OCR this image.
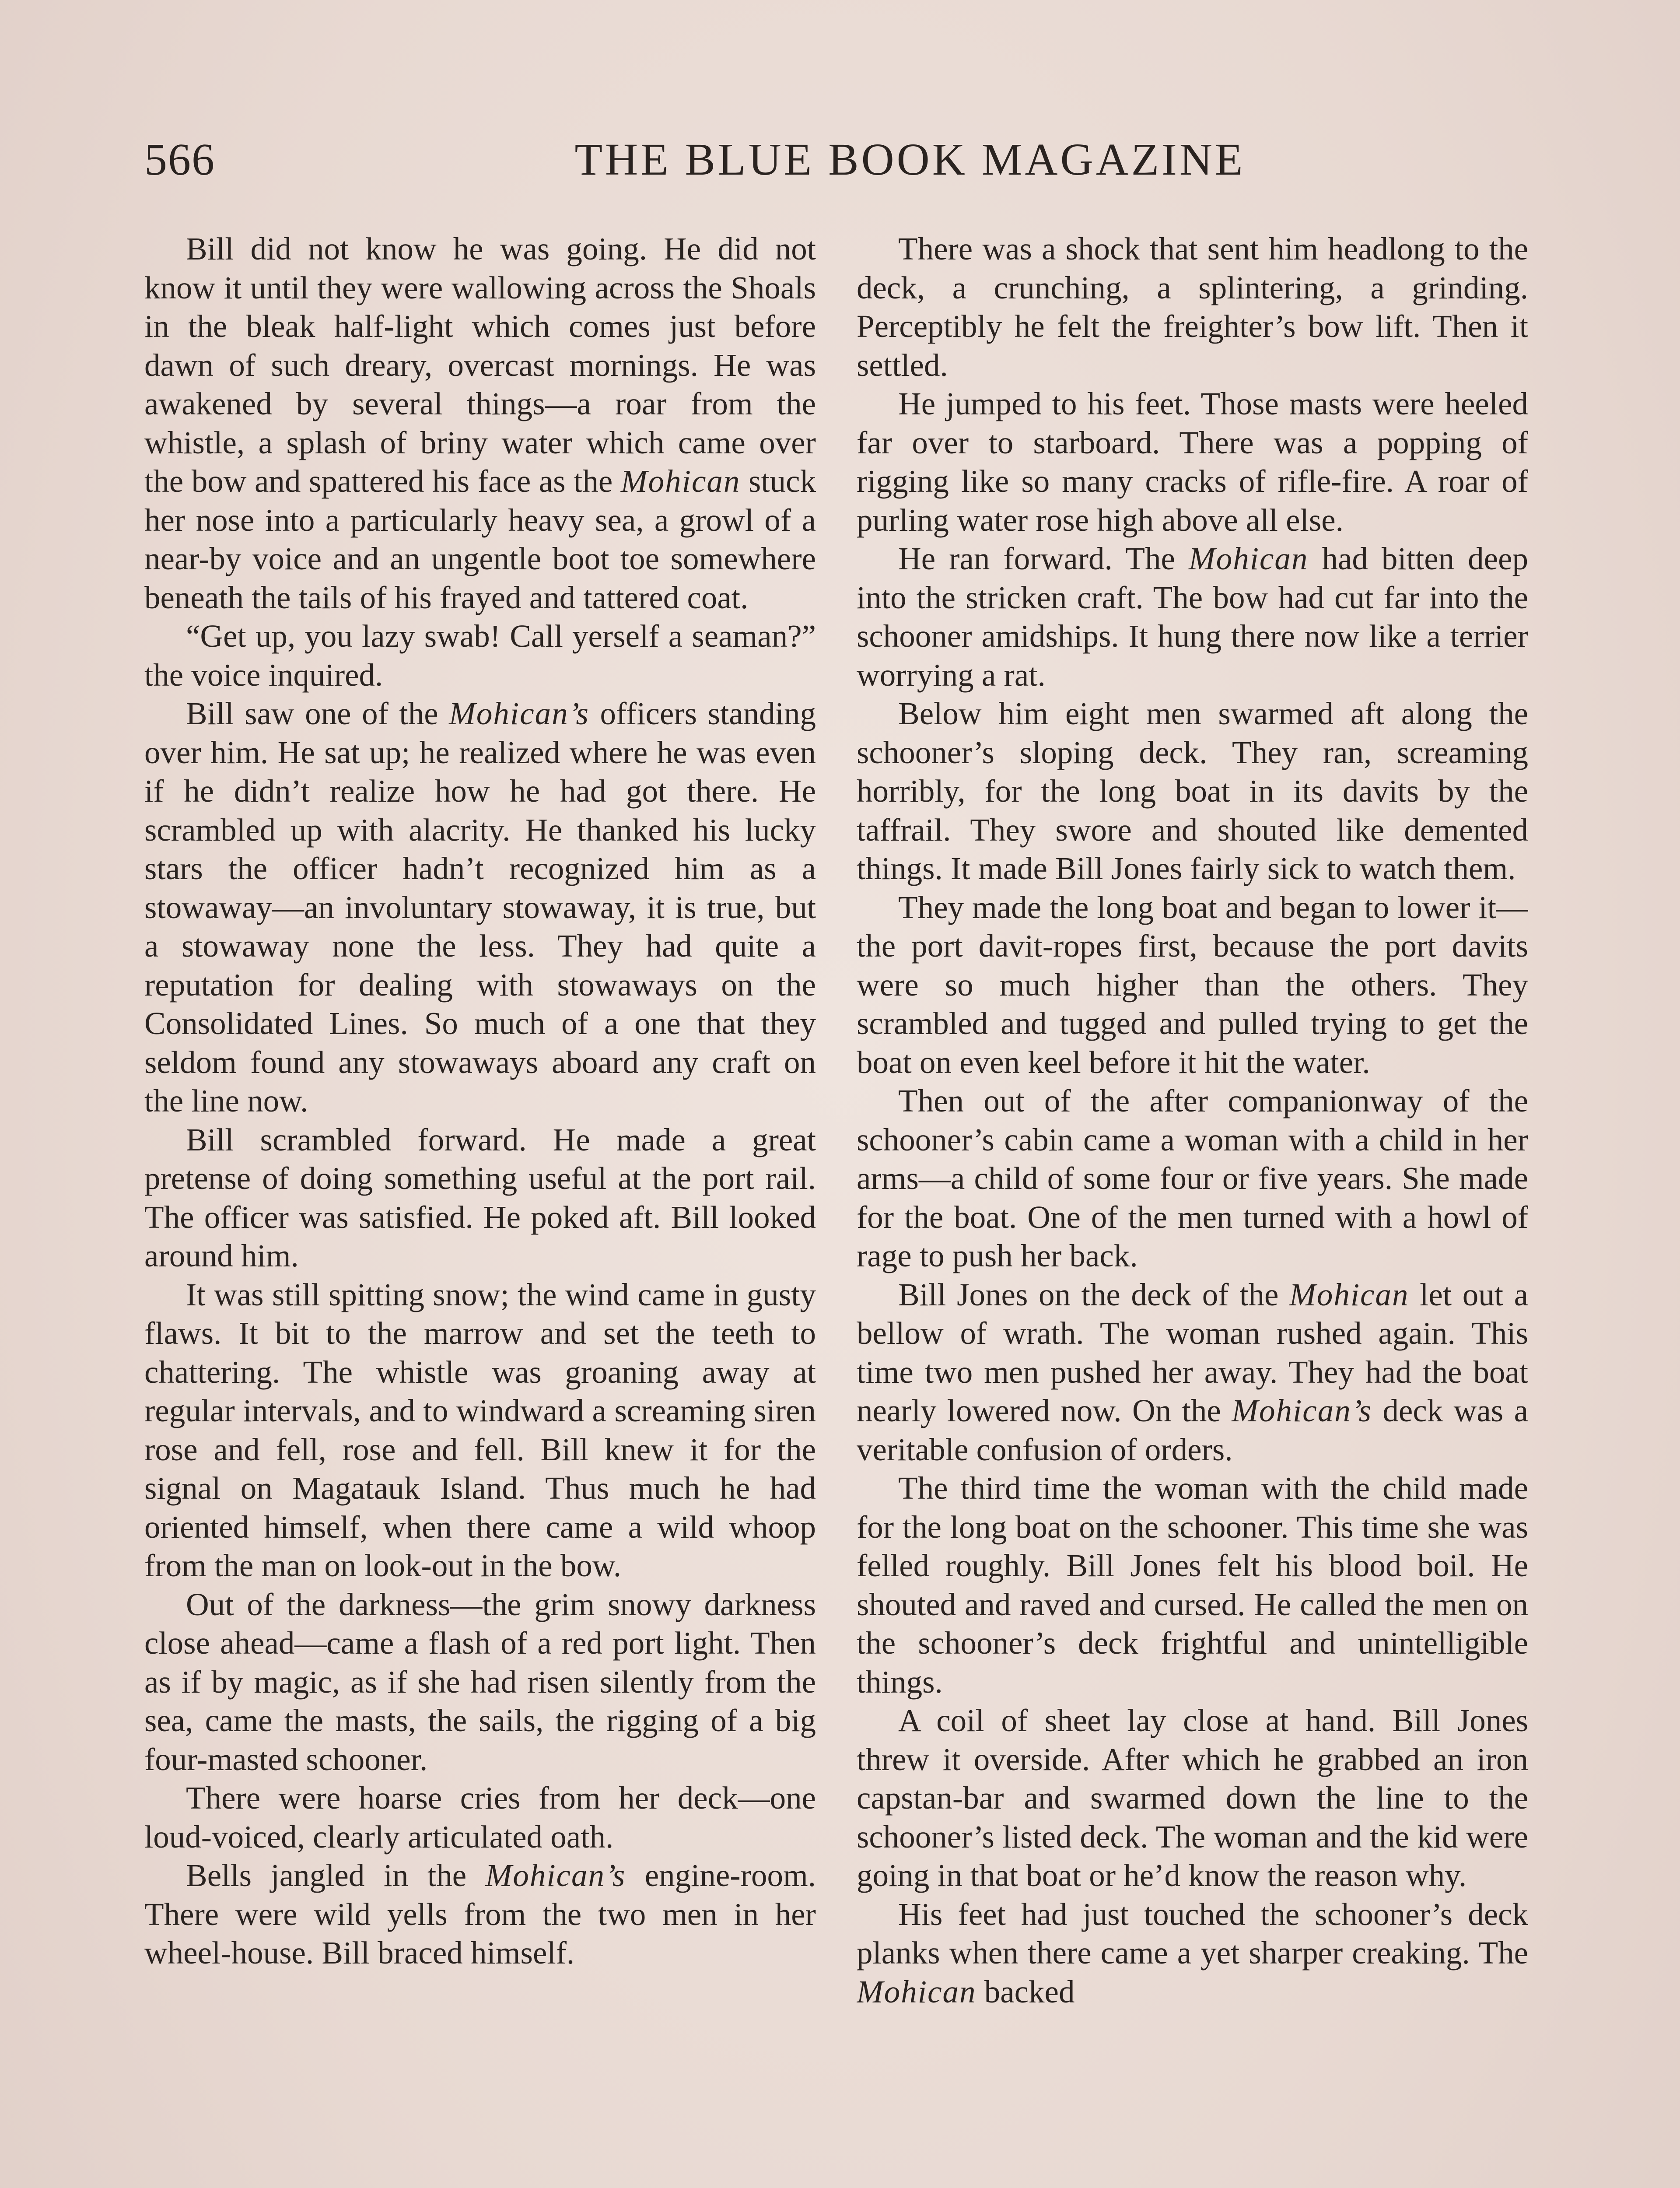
566	THE BLUE BOOK MAGAZINE

Bill did not know he was going. He did not know it until they were wallowing across the Shoals in the bleak half-light which comes just before dawn of such dreary, overcast mornings. He was awakened by several things—a roar from the whistle, a splash of briny water which came over the bow and spattered his face as the Mohican stuck her nose into a particularly heavy sea, a growl of a near-by voice and an ungentle boot toe somewhere beneath the tails of his frayed and tattered coat.

“Get up, you lazy swab! Call yerself a seaman?” the voice inquired.

Bill saw one of the Mohican’s officers standing over him. He sat up; he realized where he was even if he didn’t realize how he had got there. He scrambled up with alacrity. He thanked his lucky stars the officer hadn’t recognized him as a stowaway—an involuntary stowaway, it is true, but a stowaway none the less. They had quite a reputation for dealing with stowaways on the Consolidated Lines. So much of a one that they seldom found any stowaways aboard any craft on the line now.

Bill scrambled forward. He made a great pretense of doing something useful at the port rail. The officer was satisfied. He poked aft. Bill looked around him.

It was still spitting snow; the wind came in gusty flaws. It bit to the marrow and set the teeth to chattering. The whistle was groaning away at regular intervals, and to windward a screaming siren rose and fell, rose and fell. Bill knew it for the signal on Magatauk Island. Thus much he had oriented himself, when there came a wild whoop from the man on look-out in the bow.

Out of the darkness—the grim snowy darkness close ahead—came a flash of a red port light. Then as if by magic, as if she had risen silently from the sea, came the masts, the sails, the rigging of a big four-masted schooner.

There were hoarse cries from her deck—one loud-voiced, clearly articulated oath.

Bells jangled in the Mohican’s engine-room. There were wild yells from the two men in her wheel-house. Bill braced himself.

There was a shock that sent him headlong to the deck, a crunching, a splintering, a grinding. Perceptibly he felt the freighter’s bow lift. Then it settled.

He jumped to his feet. Those masts were heeled far over to starboard. There was a popping of rigging like so many cracks of rifle-fire. A roar of purling water rose high above all else.

He ran forward. The Mohican had bitten deep into the stricken craft. The bow had cut far into the schooner amidships. It hung there now like a terrier worrying a rat.

Below him eight men swarmed aft along the schooner’s sloping deck. They ran, screaming horribly, for the long boat in its davits by the taffrail. They swore and shouted like demented things. It made Bill Jones fairly sick to watch them.

They made the long boat and began to lower it—the port davit-ropes first, because the port davits were so much higher than the others. They scrambled and tugged and pulled trying to get the boat on even keel before it hit the water.

Then out of the after companionway of the schooner’s cabin came a woman with a child in her arms—a child of some four or five years. She made for the boat. One of the men turned with a howl of rage to push her back.

Bill Jones on the deck of the Mohican let out a bellow of wrath. The woman rushed again. This time two men pushed her away. They had the boat nearly lowered now. On the Mohican’s deck was a veritable confusion of orders.

The third time the woman with the child made for the long boat on the schooner. This time she was felled roughly. Bill Jones felt his blood boil. He shouted and raved and cursed. He called the men on the schooner’s deck frightful and unintelligible things.

A coil of sheet lay close at hand. Bill Jones threw it overside. After which he grabbed an iron capstan-bar and swarmed down the line to the schooner’s listed deck. The woman and the kid were going in that boat or he’d know the reason why.

His feet had just touched the schooner’s deck planks when there came a yet sharper creaking. The Mohican backed
